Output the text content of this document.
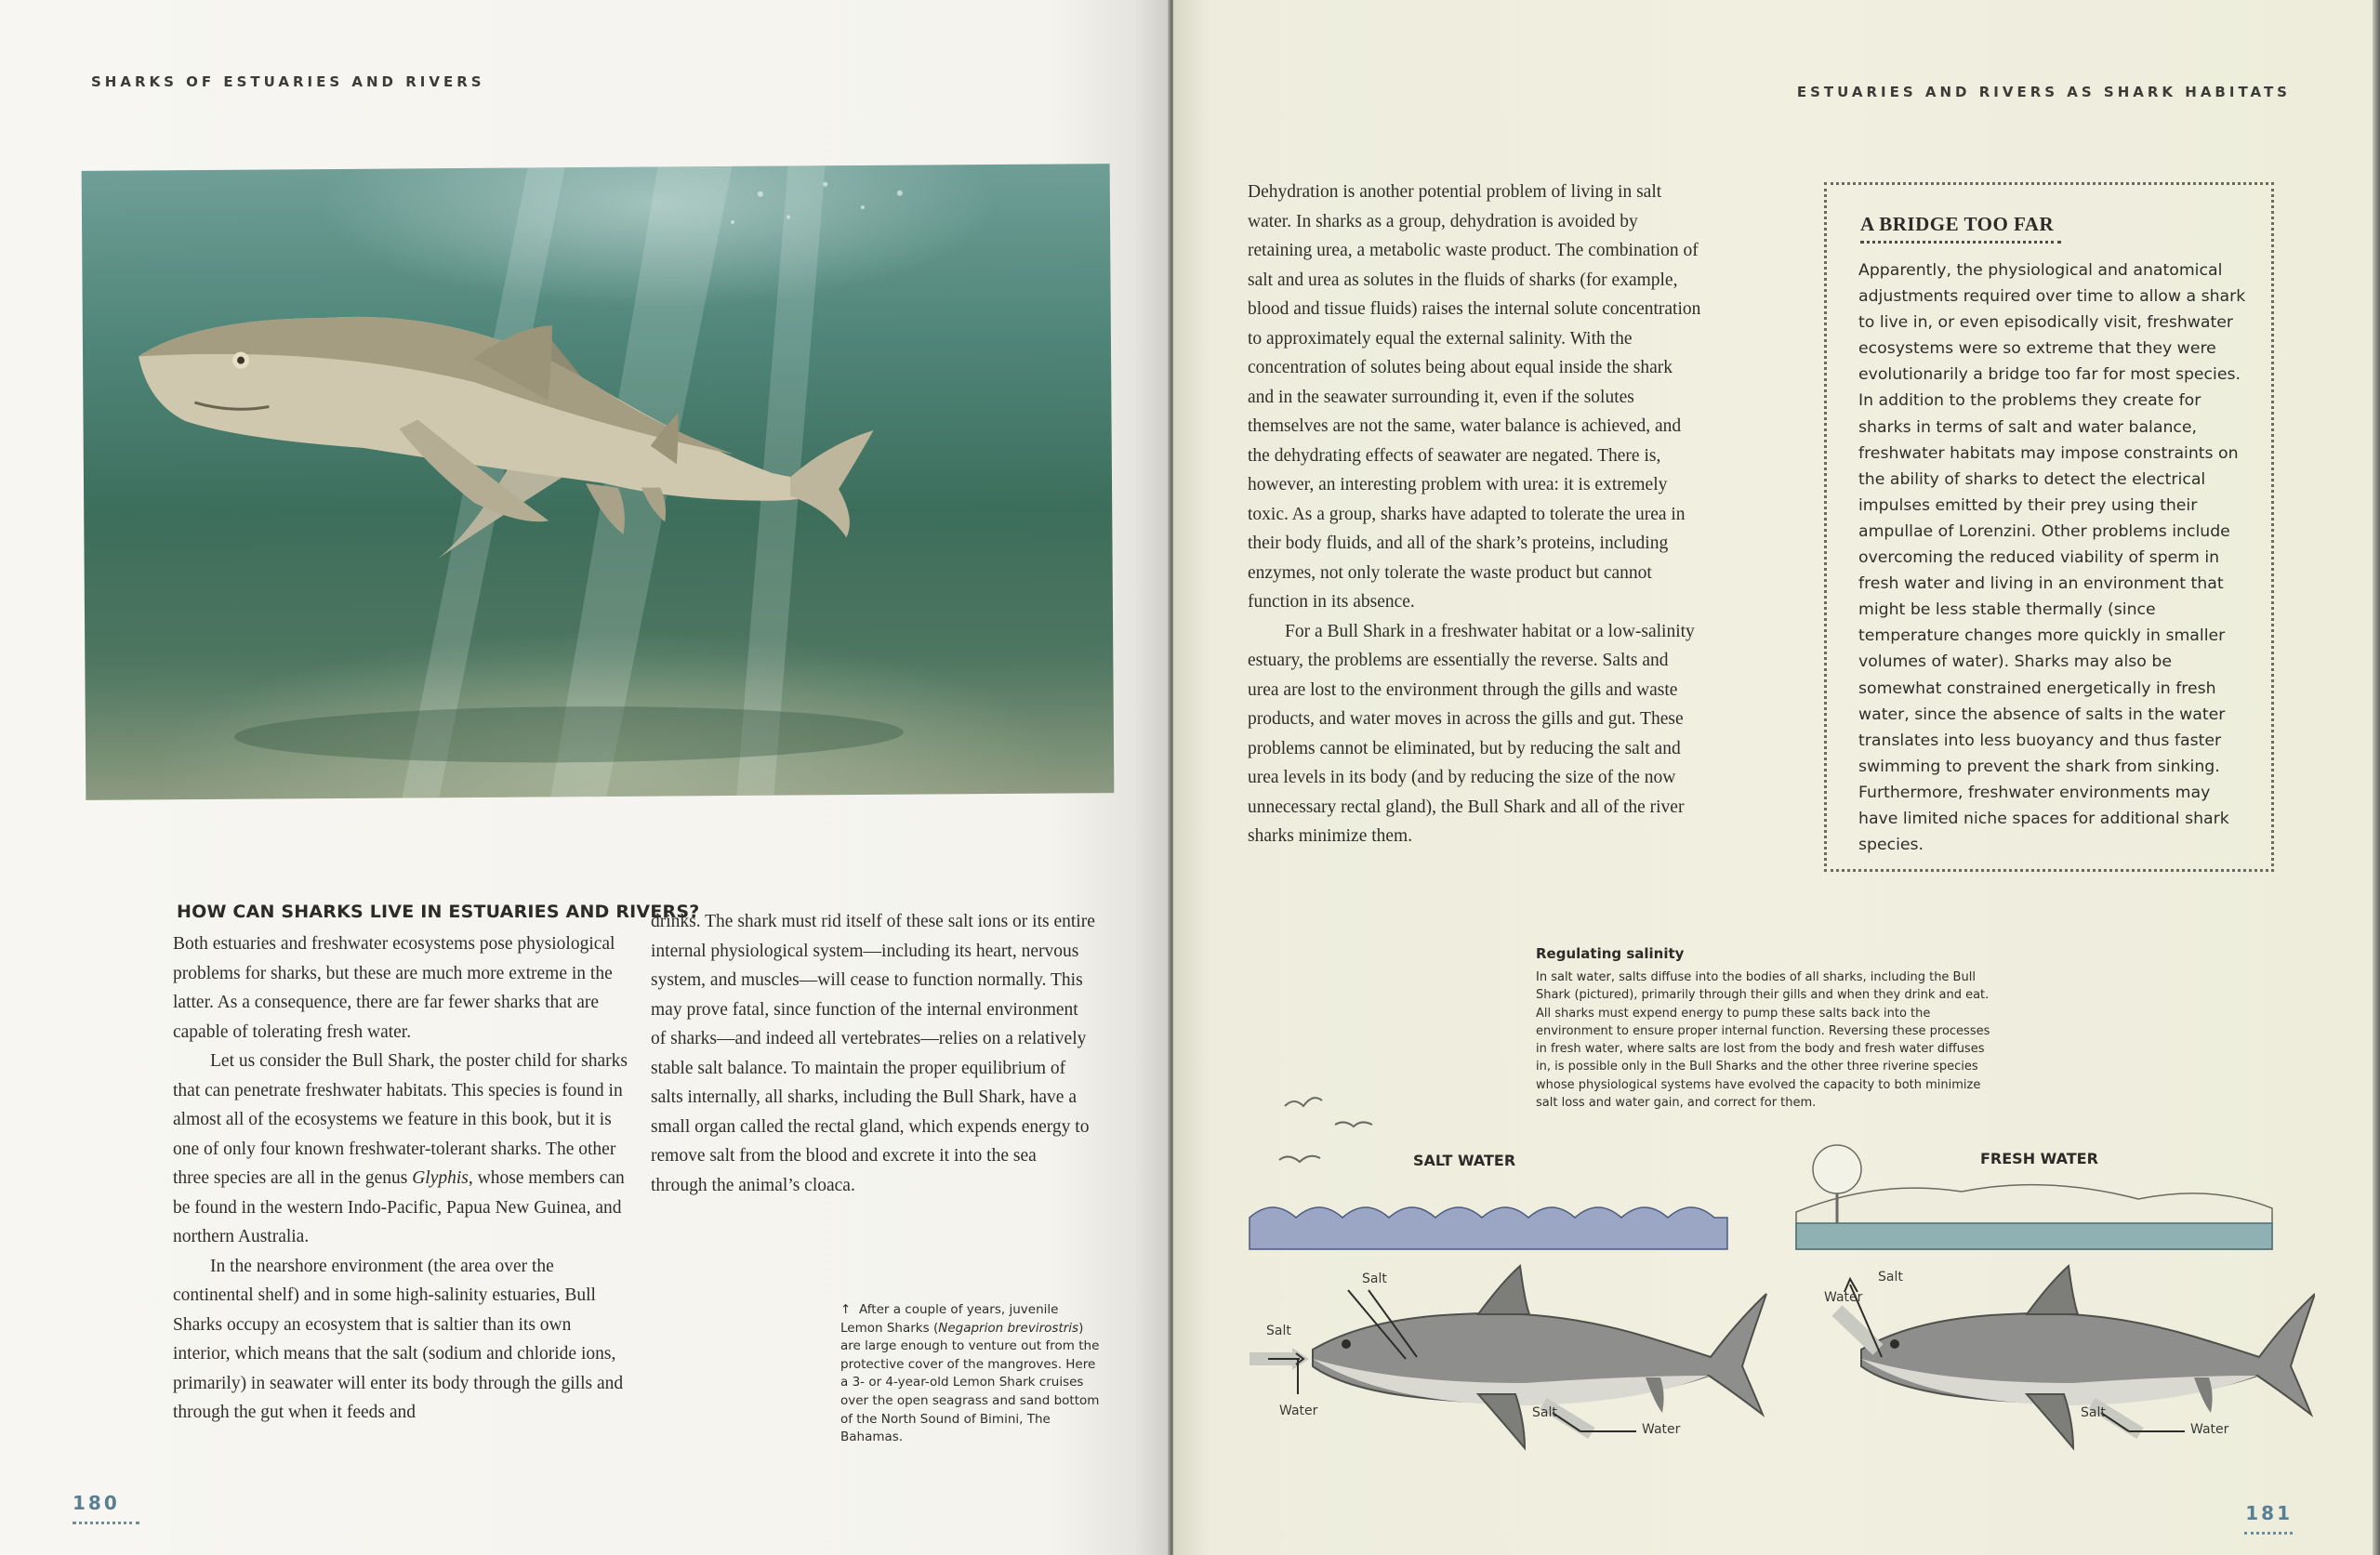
SHARKS OF ESTUARIES AND RIVERS
HOW CAN SHARKS LIVE IN ESTUARIES AND RIVERS?

Both estuaries and freshwater ecosystems pose physiological problems for sharks, but these are much more extreme in the latter. As a consequence, there are far fewer sharks that are capable of tolerating fresh water.

Let us consider the Bull Shark, the poster child for sharks that can penetrate freshwater habitats. This species is found in almost all of the ecosystems we feature in this book, but it is one of only four known freshwater-tolerant sharks. The other three species are all in the genus Glyphis, whose members can be found in the western Indo-Pacific, Papua New Guinea, and northern Australia.

In the nearshore environment (the area over the continental shelf) and in some high-salinity estuaries, Bull Sharks occupy an ecosystem that is saltier than its own interior, which means that the salt (sodium and chloride ions, primarily) in seawater will enter its body through the gills and through the gut when it feeds and

drinks. The shark must rid itself of these salt ions or its entire internal physiological system—including its heart, nervous system, and muscles—will cease to function normally. This may prove fatal, since function of the internal environment of sharks—and indeed all vertebrates—relies on a relatively stable salt balance. To maintain the proper equilibrium of salts internally, all sharks, including the Bull Shark, have a small organ called the rectal gland, which expends energy to remove salt from the blood and excrete it into the sea through the animal’s cloaca.

↑ After a couple of years, juvenile Lemon Sharks (Negaprion brevirostris) are large enough to venture out from the protective cover of the mangroves. Here a 3- or 4-year-old Lemon Shark cruises over the open seagrass and sand bottom of the North Sound of Bimini, The Bahamas.
180
ESTUARIES AND RIVERS AS SHARK HABITATS

Dehydration is another potential problem of living in salt water. In sharks as a group, dehydration is avoided by retaining urea, a metabolic waste product. The combination of salt and urea as solutes in the fluids of sharks (for example, blood and tissue fluids) raises the internal solute concentration to approximately equal the external salinity. With the concentration of solutes being about equal inside the shark and in the seawater surrounding it, even if the solutes themselves are not the same, water balance is achieved, and the dehydrating effects of seawater are negated. There is, however, an interesting problem with urea: it is extremely toxic. As a group, sharks have adapted to tolerate the urea in their body fluids, and all of the shark’s proteins, including enzymes, not only tolerate the waste product but cannot function in its absence.

For a Bull Shark in a freshwater habitat or a low-salinity estuary, the problems are essentially the reverse. Salts and urea are lost to the environment through the gills and waste products, and water moves in across the gills and gut. These problems cannot be eliminated, but by reducing the salt and urea levels in its body (and by reducing the size of the now unnecessary rectal gland), the Bull Shark and all of the river sharks minimize them.

A BRIDGE TOO FAR
Apparently, the physiological and anatomical adjustments required over time to allow a shark to live in, or even episodically visit, freshwater ecosystems were so extreme that they were evolutionarily a bridge too far for most species. In addition to the problems they create for sharks in terms of salt and water balance, freshwater habitats may impose constraints on the ability of sharks to detect the electrical impulses emitted by their prey using their ampullae of Lorenzini. Other problems include overcoming the reduced viability of sperm in fresh water and living in an environment that might be less stable thermally (since temperature changes more quickly in smaller volumes of water). Sharks may also be somewhat constrained energetically in fresh water, since the absence of salts in the water translates into less buoyancy and thus faster swimming to prevent the shark from sinking. Furthermore, freshwater environments may have limited niche spaces for additional shark species.
Regulating salinity
In salt water, salts diffuse into the bodies of all sharks, including the Bull Shark (pictured), primarily through their gills and when they drink and eat. All sharks must expend energy to pump these salts back into the environment to ensure proper internal function. Reversing these processes in fresh water, where salts are lost from the body and fresh water diffuses in, is possible only in the Bull Sharks and the other three riverine species whose physiological systems have evolved the capacity to both minimize salt loss and water gain, and correct for them.
SALT WATER
Salt
Salt
Water	Salt
Water
FRESH WATER
Salt
Water
Salt
Water
181
